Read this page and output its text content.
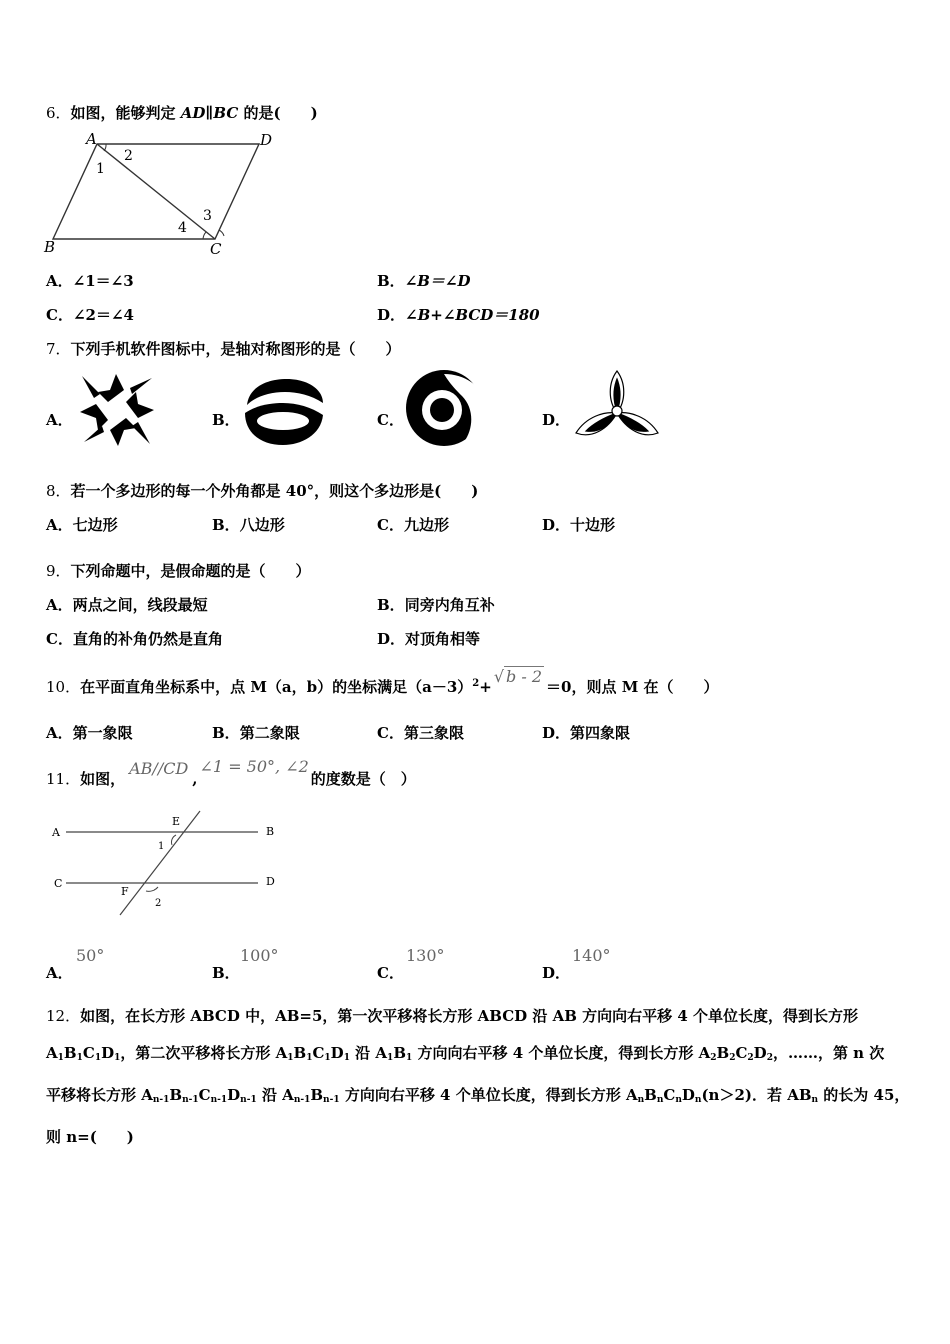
6．如图，能够判定 AD∥BC 的是(　　)
A	D
B	C
1
2
3
4
A．∠1＝∠3	B．∠B＝∠D
C．∠2＝∠4	D．∠B+∠BCD＝180
7．下列手机软件图标中，是轴对称图形的是（　　）
A．	B．	C．	D．
8．若一个多边形的每一个外角都是 40°，则这个多边形是(　　)
A．七边形	B．八边形	C．九边形	D．十边形
9．下列命题中，是假命题的是（　　）
A．两点之间，线段最短	B．同旁内角互补
C．直角的补角仍然是直角	D．对顶角相等
10．在平面直角坐标系中，点 M（a，b）的坐标满足$(a-3)^2+√$ b - 2＝0，则点 M 在（　　）
A．第一象限	B．第二象限	C．第三象限	D．第四象限
11．如图，AB//CD,∠1 = 50°, ∠2的度数是（　）
A	B
C	D
E
F
1
2
A．
50°
B．
100°
C．
130°
D．
140°
12．如图，在长方形 ABCD 中，AB=5，第一次平移将长方形 ABCD 沿 AB 方向向右平移 4 个单位长度，得到长方形
$A_1B_1C_1D_1$，第二次平移将长方形 $A_1B_1C_1D_1$ 沿 $A_1B_1$ 方向向右平移 4 个单位长度，得到长方形 $A_2B_2C_2D_2$，……，第 n 次
平移将长方形 $A_{n-1}B_{n-1}C_{n-1}D_{n-1}$ 沿 $A_{n-1}B_{n-1}$ 方向向右平移 4 个单位长度，得到长方形 $A_nB_nC_nD_n(n>2)$．若 $AB_n$ 的长为 45，
则 n=(　　)
